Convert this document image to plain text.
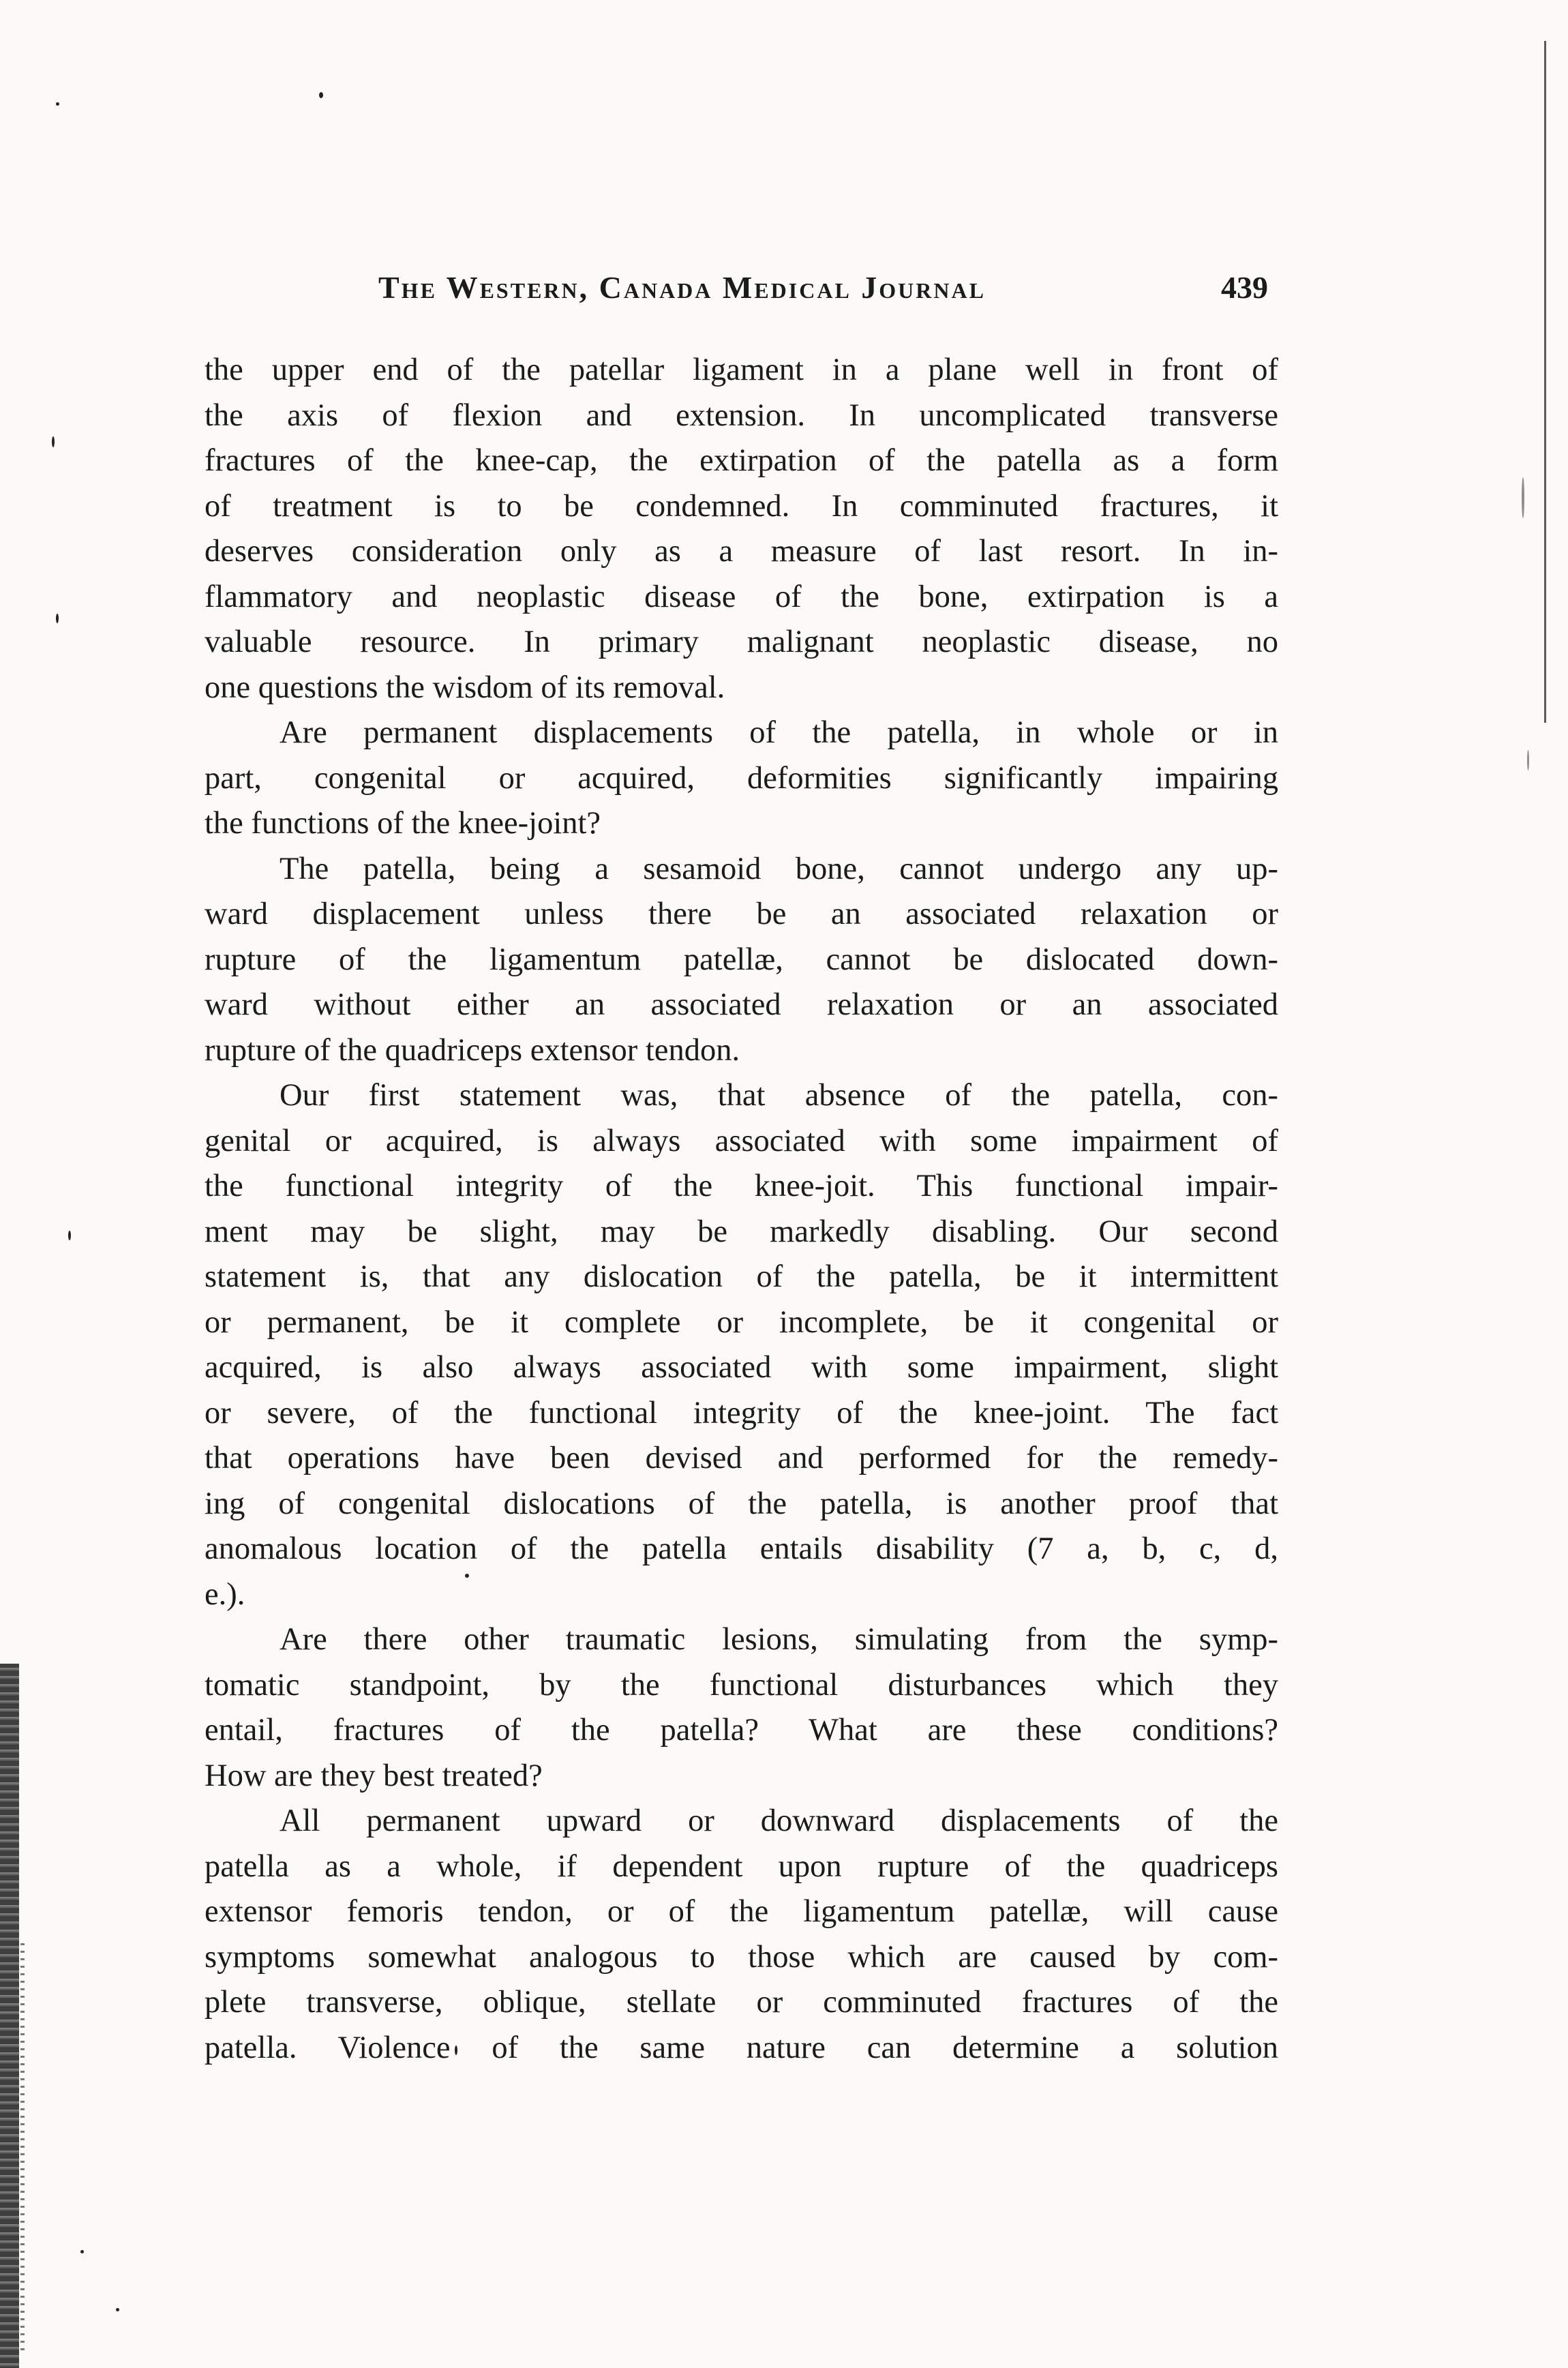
The Western, Canada Medical Journal	439
the upper end of the patellar ligament in a plane well in front of
the axis of flexion and extension. In uncomplicated transverse
fractures of the knee-cap, the extirpation of the patella as a form
of treatment is to be condemned. In comminuted fractures, it
deserves consideration only as a measure of last resort. In in-
flammatory and neoplastic disease of the bone, extirpation is a
valuable resource. In primary malignant neoplastic disease, no
one questions the wisdom of its removal.
Are permanent displacements of the patella, in whole or in
part, congenital or acquired, deformities significantly impairing
the functions of the knee-joint?
The patella, being a sesamoid bone, cannot undergo any up-
ward displacement unless there be an associated relaxation or
rupture of the ligamentum patellæ, cannot be dislocated down-
ward without either an associated relaxation or an associated
rupture of the quadriceps extensor tendon.
Our first statement was, that absence of the patella, con-
genital or acquired, is always associated with some impairment of
the functional integrity of the knee-joit. This functional impair-
ment may be slight, may be markedly disabling. Our second
statement is, that any dislocation of the patella, be it intermittent
or permanent, be it complete or incomplete, be it congenital or
acquired, is also always associated with some impairment, slight
or severe, of the functional integrity of the knee-joint. The fact
that operations have been devised and performed for the remedy-
ing of congenital dislocations of the patella, is another proof that
anomalous location of the patella entails disability (7 a, b, c, d,
e.).
Are there other traumatic lesions, simulating from the symp-
tomatic standpoint, by the functional disturbances which they
entail, fractures of the patella? What are these conditions?
How are they best treated?
All permanent upward or downward displacements of the
patella as a whole, if dependent upon rupture of the quadriceps
extensor femoris tendon, or of the ligamentum patellæ, will cause
symptoms somewhat analogous to those which are caused by com-
plete transverse, oblique, stellate or comminuted fractures of the
patella. Violence of the same nature can determine a solution
